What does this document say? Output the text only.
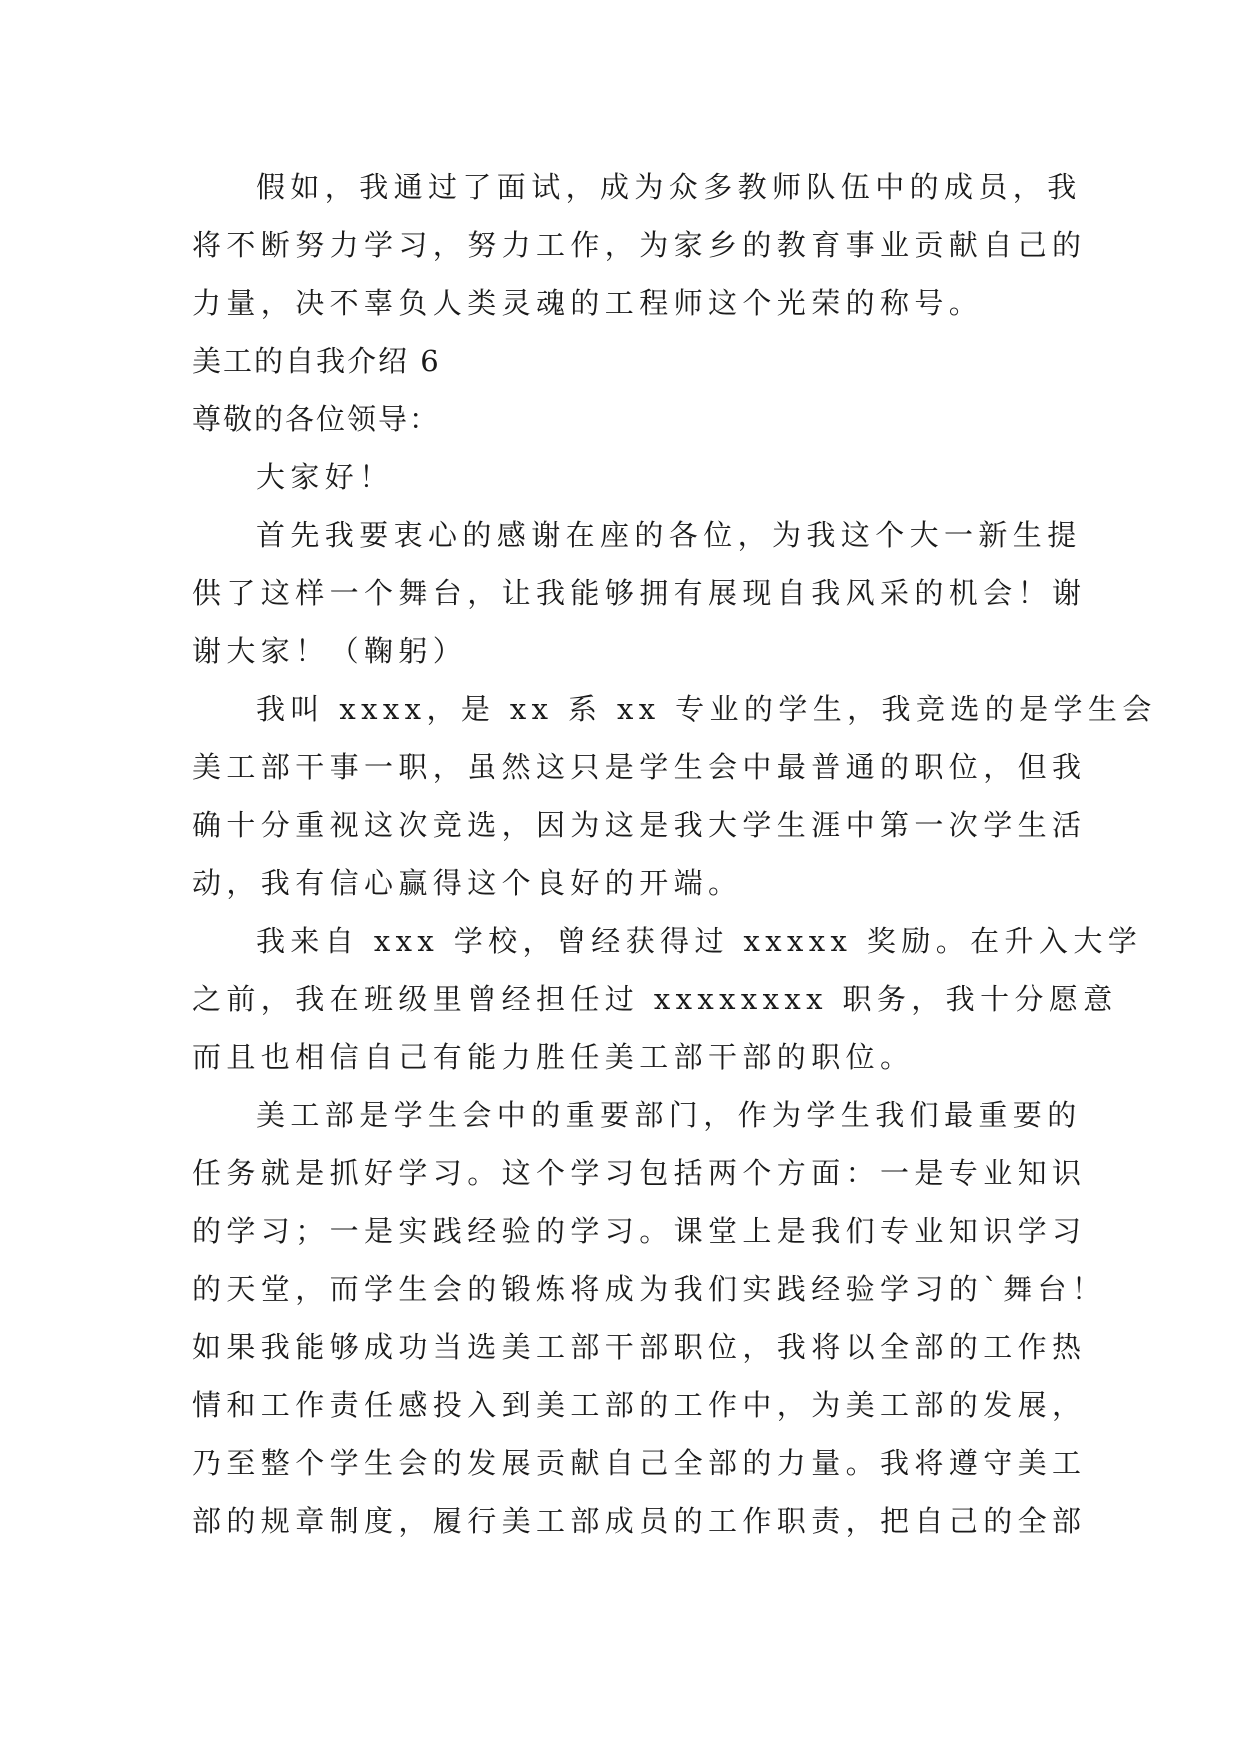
假如，我通过了面试，成为众多教师队伍中的成员，我
将不断努力学习，努力工作，为家乡的教育事业贡献自己的
力量，决不辜负人类灵魂的工程师这个光荣的称号。
美工的自我介绍 6
尊敬的各位领导：
大家好！
首先我要衷心的感谢在座的各位，为我这个大一新生提
供了这样一个舞台，让我能够拥有展现自我风采的机会！谢
谢大家！（鞠躬）
我叫 xxxx，是 xx 系 xx 专业的学生，我竞选的是学生会
美工部干事一职，虽然这只是学生会中最普通的职位，但我
确十分重视这次竞选，因为这是我大学生涯中第一次学生活
动，我有信心赢得这个良好的开端。
我来自 xxx 学校，曾经获得过 xxxxx 奖励。在升入大学
之前，我在班级里曾经担任过 xxxxxxxx 职务，我十分愿意
而且也相信自己有能力胜任美工部干部的职位。
美工部是学生会中的重要部门，作为学生我们最重要的
任务就是抓好学习。这个学习包括两个方面：一是专业知识
的学习；一是实践经验的学习。课堂上是我们专业知识学习
的天堂，而学生会的锻炼将成为我们实践经验学习的`舞台！
如果我能够成功当选美工部干部职位，我将以全部的工作热
情和工作责任感投入到美工部的工作中，为美工部的发展，
乃至整个学生会的发展贡献自己全部的力量。我将遵守美工
部的规章制度，履行美工部成员的工作职责，把自己的全部
